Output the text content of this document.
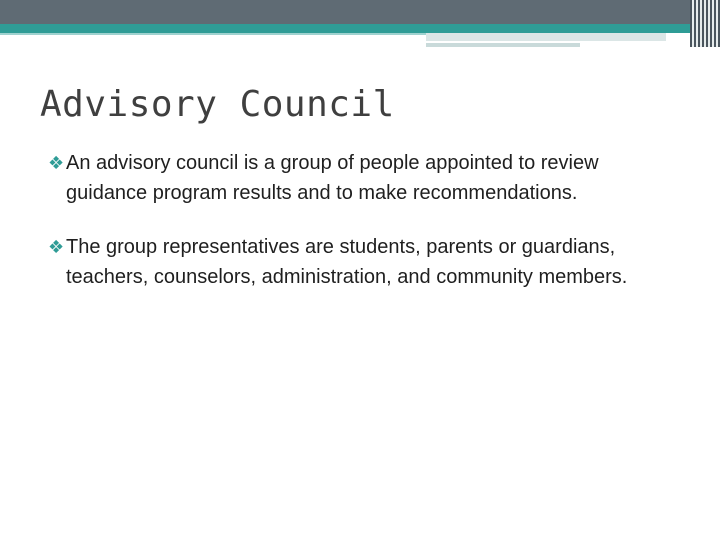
Advisory Council
❖ An advisory council is a group of people appointed to review guidance program results and to make recommendations.
❖ The group representatives are students, parents or guardians, teachers, counselors, administration, and community members.
